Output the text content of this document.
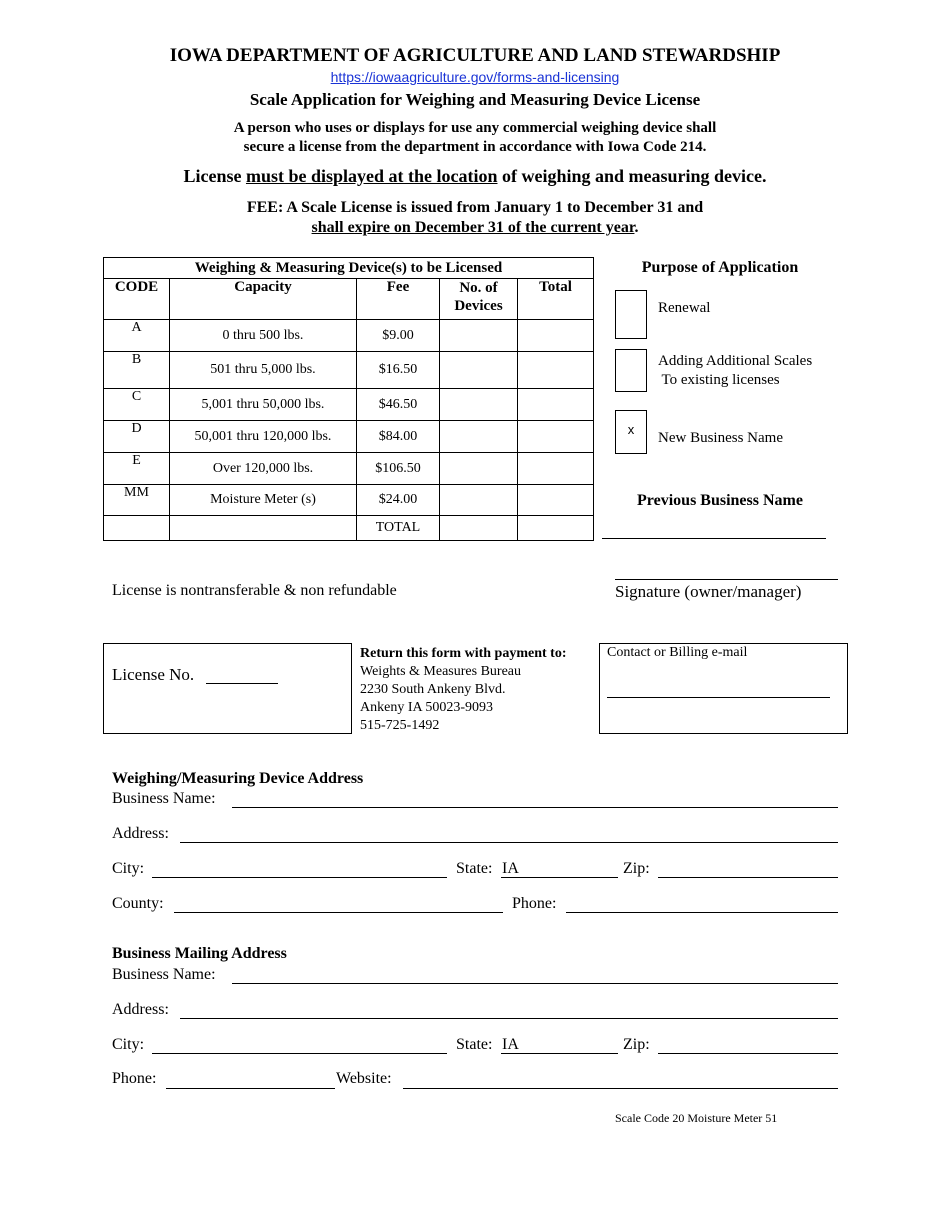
IOWA DEPARTMENT OF AGRICULTURE AND LAND STEWARDSHIP
https://iowaagriculture.gov/forms-and-licensing
Scale Application for Weighing and Measuring Device License
A person who uses or displays for use any commercial weighing device shall
secure a license from the department in accordance with Iowa Code 214.
License must be displayed at the location of weighing and measuring device.
FEE: A Scale License is issued from January 1 to December 31 and
shall expire on December 31 of the current year.
Weighing & Measuring Device(s) to be Licensed				
CODE	Capacity	Fee	No. of Devices	Total
A	0 thru 500 lbs.	$9.00		
B	501 thru 5,000 lbs.	$16.50		
C	5,001 thru 50,000 lbs.	$46.50		
D	50,001 thru 120,000 lbs.	$84.00		
E	Over 120,000 lbs.	$106.50		
MM	Moisture Meter (s)	$24.00		
		TOTAL		
Purpose of Application
Renewal
Adding Additional Scales
To existing licenses
x
New Business Name
Previous Business Name
License is nontransferable & non refundable	Signature (owner/manager)
License No.
Return this form with payment to:
Weights & Measures Bureau
2230 South Ankeny Blvd.
Ankeny IA 50023-9093
515-725-1492
Contact or Billing e-mail
Weighing/Measuring Device Address
Business Name:
Address:
City:	State: IA	Zip:
County:	Phone:
Business Mailing Address
Business Name:
Address:
City:	State: IA	Zip:
Phone:	Website:
Scale Code 20 Moisture Meter 51
